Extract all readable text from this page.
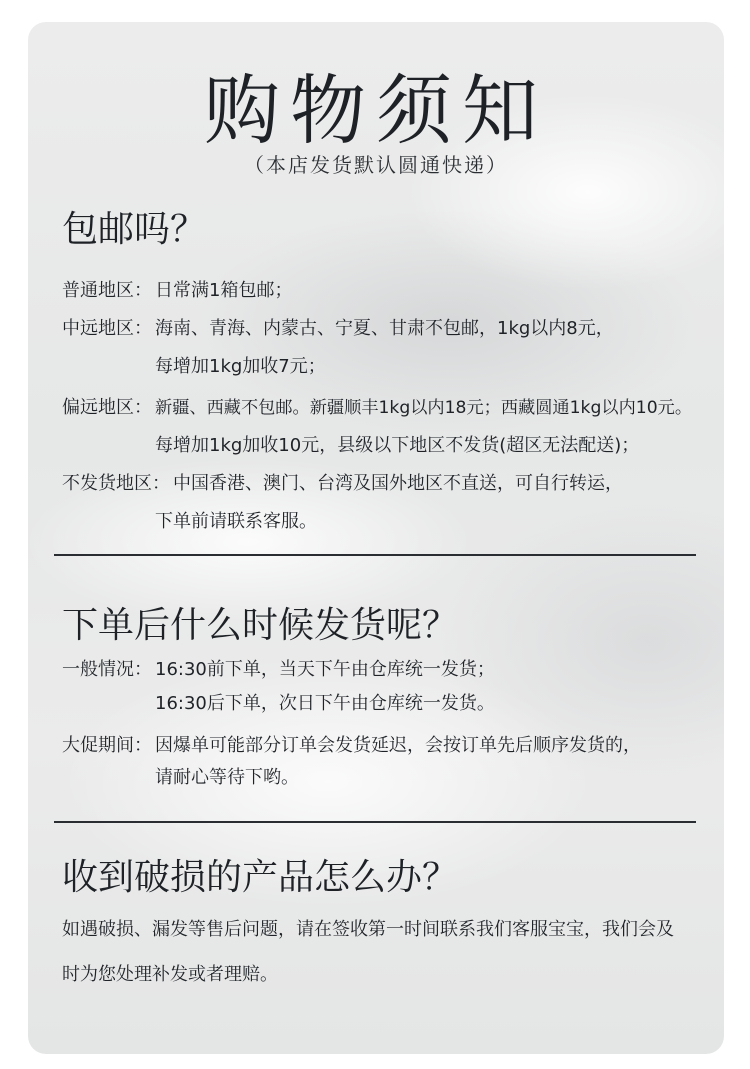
购物须知
（本店发货默认圆通快递）
包邮吗？
普通地区： 日常满1箱包邮；
中远地区： 海南、青海、内蒙古、宁夏、甘肃不包邮，1kg以内8元，
每增加1kg加收7元；
偏远地区： 新疆、西藏不包邮。新疆顺丰1kg以内18元；西藏圆通1kg以内10元。
每增加1kg加收10元，县级以下地区不发货(超区无法配送)；
不发货地区： 中国香港、澳门、台湾及国外地区不直送，可自行转运，
下单前请联系客服。
下单后什么时候发货呢？
一般情况： 16:30前下单，当天下午由仓库统一发货；
16:30后下单，次日下午由仓库统一发货。
大促期间： 因爆单可能部分订单会发货延迟，会按订单先后顺序发货的，
请耐心等待下哟。
收到破损的产品怎么办？
如遇破损、漏发等售后问题，请在签收第一时间联系我们客服宝宝，我们会及
时为您处理补发或者理赔。
